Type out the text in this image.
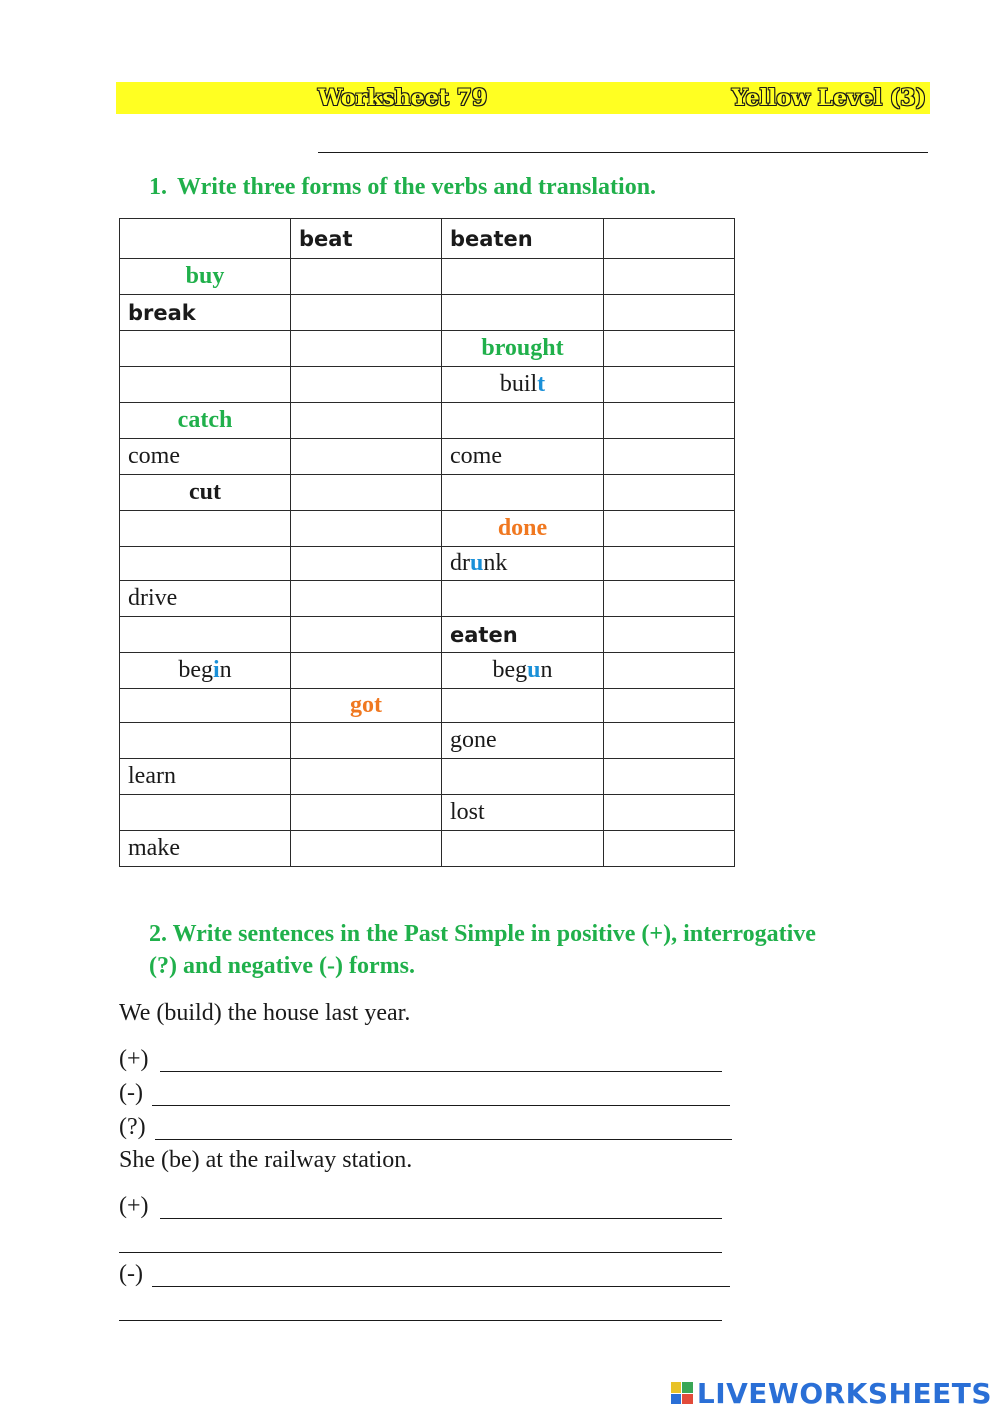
Worksheet 79	Yellow Level (3)
1. Write three forms of the verbs and translation.
	beat	beaten	
buy			
break			
		brought	
		built	
catch			
come		come	
cut			
		done	
		drunk	
drive			
		eaten	
begin		begun	
	got		
		gone	
learn			
		lost	
make			
2. Write sentences in the Past Simple in positive (+), interrogative
(?) and negative (-) forms.
We (build) the house last year.
(+)
(-)
(?)
She (be) at the railway station.
(+)
(-)
LIVEWORKSHEETS
